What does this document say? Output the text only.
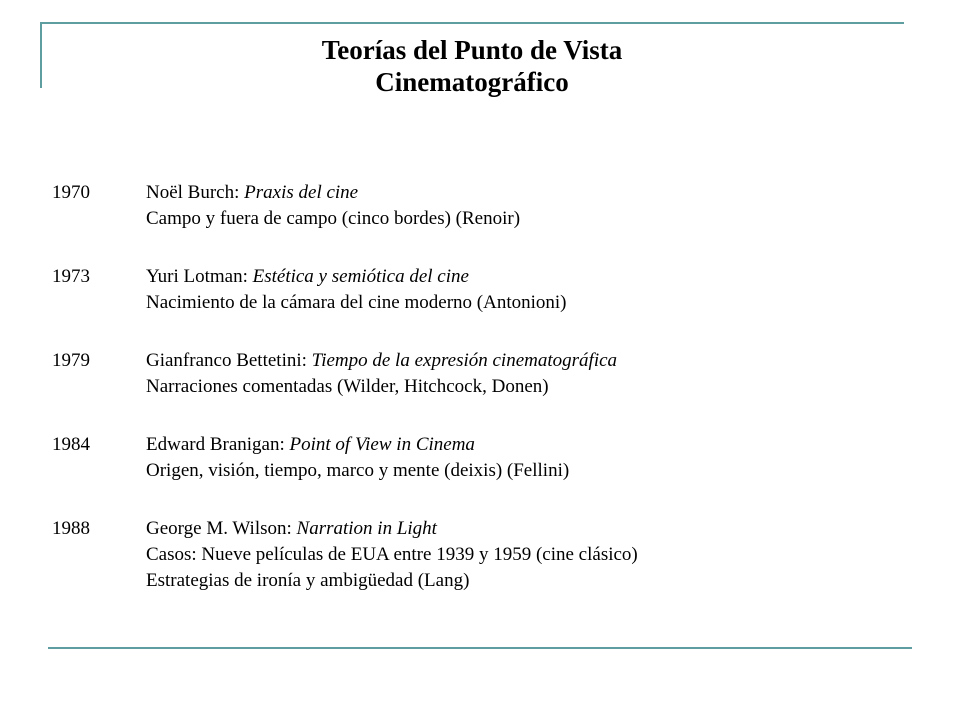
Teorías del Punto de Vista
Cinematográfico
1970	Noël Burch: Praxis del cine
Campo y fuera de campo (cinco bordes) (Renoir)
1973	Yuri Lotman: Estética y semiótica del cine
Nacimiento de la cámara del cine moderno (Antonioni)
1979	Gianfranco Bettetini: Tiempo de la expresión cinematográfica
Narraciones comentadas (Wilder, Hitchcock, Donen)
1984	Edward Branigan: Point of View in Cinema
Origen, visión, tiempo, marco y mente (deixis) (Fellini)
1988	George M. Wilson: Narration in Light
Casos: Nueve películas de EUA entre 1939 y 1959 (cine clásico)
Estrategias de ironía y ambigüedad (Lang)
